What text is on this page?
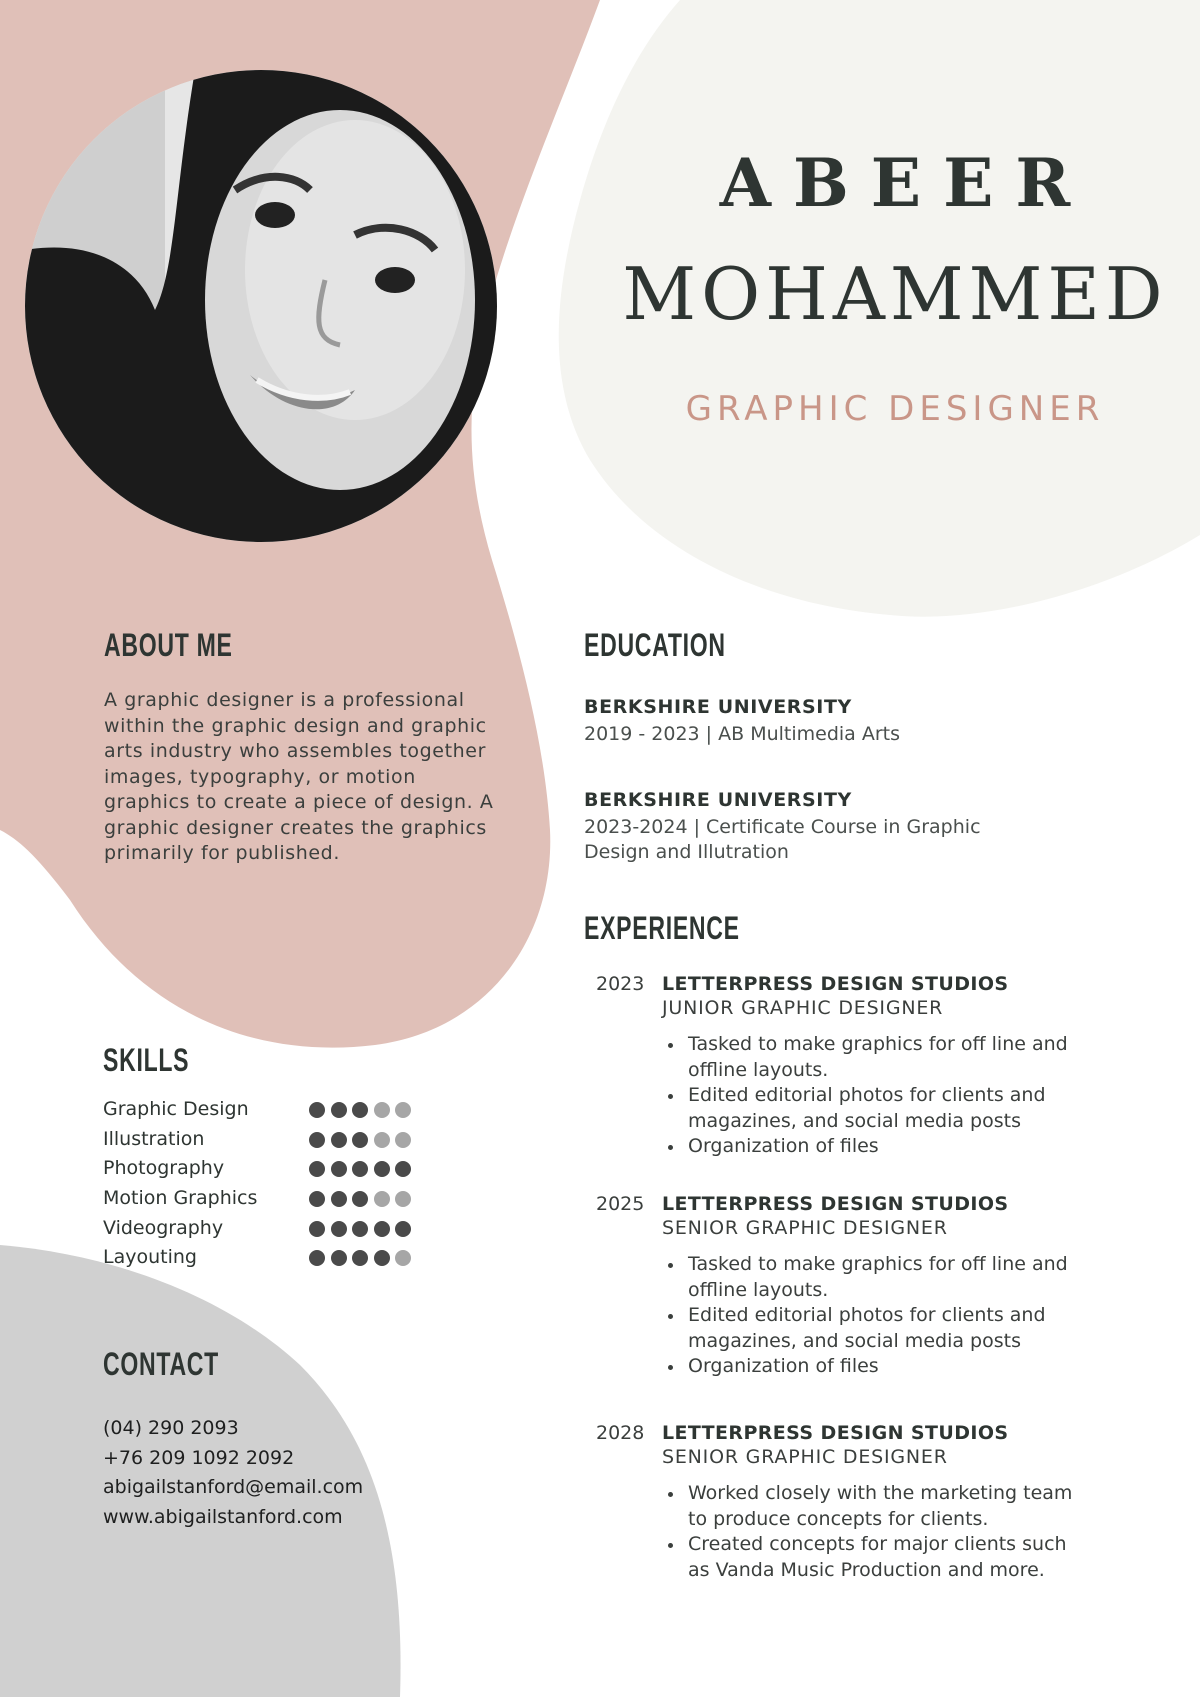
ABEER
MOHAMMED
GRAPHIC DESIGNER
ABOUT ME
A graphic designer is a professional within the graphic design and graphic arts industry who assembles together images, typography, or motion graphics to create a piece of design. A graphic designer creates the graphics primarily for published.
EDUCATION
BERKSHIRE UNIVERSITY
2019 - 2023 | AB Multimedia Arts
BERKSHIRE UNIVERSITY
2023-2024 | Certificate Course in Graphic Design and Illutration
EXPERIENCE
2023 LETTERPRESS DESIGN STUDIOS
JUNIOR GRAPHIC DESIGNER
Tasked to make graphics for off line and offline layouts.
Edited editorial photos for clients and magazines, and social media posts
Organization of files
2025 LETTERPRESS DESIGN STUDIOS
SENIOR GRAPHIC DESIGNER
Tasked to make graphics for off line and offline layouts.
Edited editorial photos for clients and magazines, and social media posts
Organization of files
2028 LETTERPRESS DESIGN STUDIOS
SENIOR GRAPHIC DESIGNER
Worked closely with the marketing team to produce concepts for clients.
Created concepts for major clients such as Vanda Music Production and more.
SKILLS
Graphic Design
Illustration
Photography
Motion Graphics
Videography
Layouting
CONTACT
(04) 290 2093
+76 209 1092 2092
abigailstanford@email.com
www.abigailstanford.com
